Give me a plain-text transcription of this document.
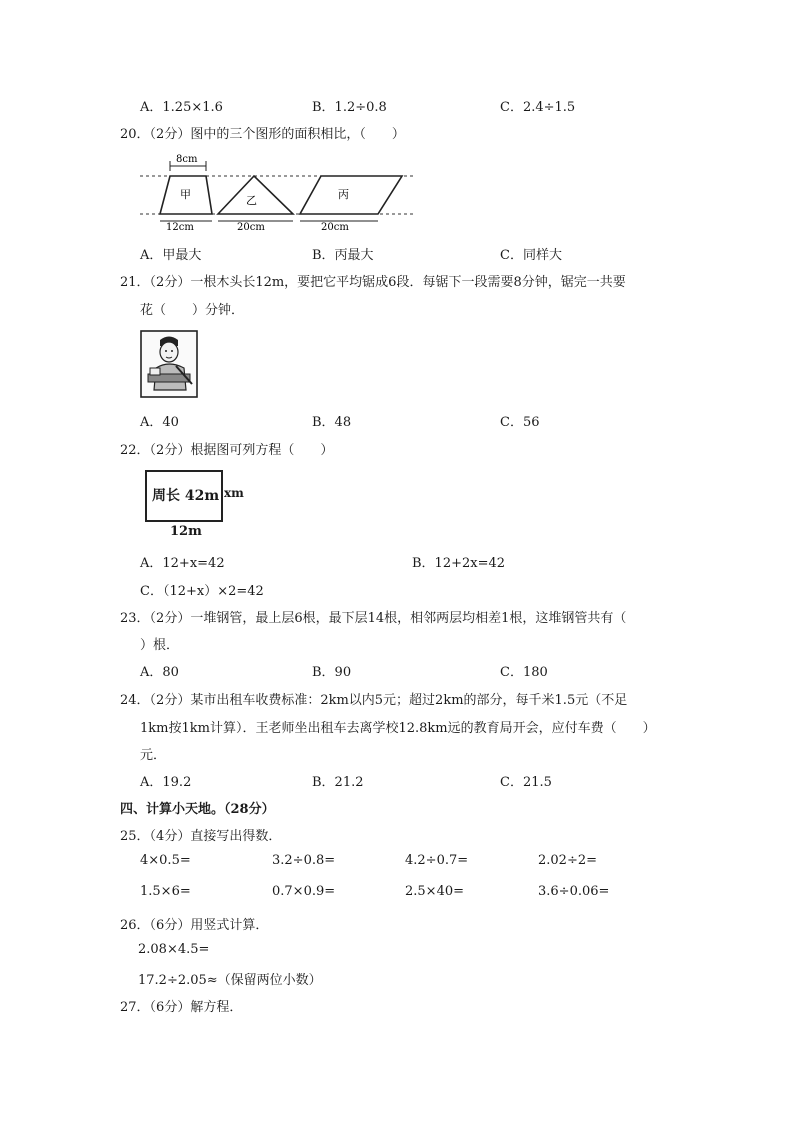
A．1.25×1.6	B．1.2÷0.8	C．2.4÷1.5
20．（2分）图中的三个图形的面积相比，（　　）
8cm
甲
12cm
乙
20cm
丙
20cm
A．甲最大	B．丙最大	C．同样大
21．（2分）一根木头长12m，要把它平均锯成6段．每锯下一段需要8分钟，锯完一共要
花（　　）分钟．
A．40	B．48	C．56
22．（2分）根据图可列方程（　　）
周长 42m xm
12m
A．12+x=42	B．12+2x=42
C．（12+x）×2=42
23．（2分）一堆钢管，最上层6根，最下层14根，相邻两层均相差1根，这堆钢管共有（
）根．
A．80	B．90	C．180
24．（2分）某市出租车收费标准：2km以内5元；超过2km的部分，每千米1.5元（不足
1km按1km计算）．王老师坐出租车去离学校12.8km远的教育局开会，应付车费（　　）
元．
A．19.2	B．21.2	C．21.5
四、计算小天地。（28分）
25．（4分）直接写出得数．
4×0.5=	3.2÷0.8=	4.2÷0.7=	2.02÷2=
1.5×6=	0.7×0.9=	2.5×40=	3.6÷0.06=
26．（6分）用竖式计算．
2.08×4.5=
17.2÷2.05≈（保留两位小数）
27．（6分）解方程．
